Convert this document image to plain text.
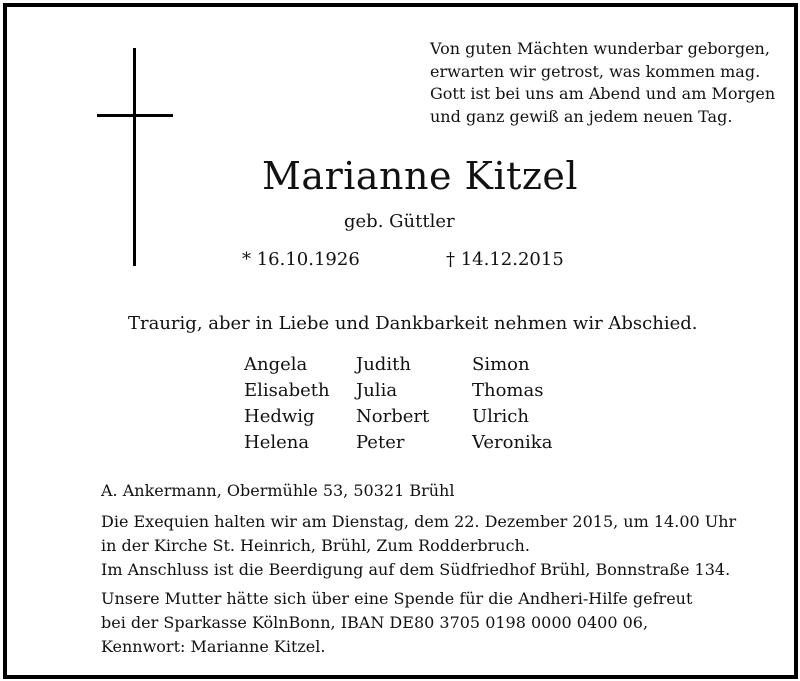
Von guten Mächten wunderbar geborgen,
erwarten wir getrost, was kommen mag.
Gott ist bei uns am Abend und am Morgen
und ganz gewiß an jedem neuen Tag.
Marianne Kitzel
geb. Güttler
* 16.10.1926	† 14.12.2015
Traurig, aber in Liebe und Dankbarkeit nehmen wir Abschied.
Angela
Elisabeth
Hedwig
Helena
Judith
Julia
Norbert
Peter
Simon
Thomas
Ulrich
Veronika
A. Ankermann, Obermühle 53, 50321 Brühl
Die Exequien halten wir am Dienstag, dem 22. Dezember 2015, um 14.00 Uhr
in der Kirche St. Heinrich, Brühl, Zum Rodderbruch.
Im Anschluss ist die Beerdigung auf dem Südfriedhof Brühl, Bonnstraße 134.
Unsere Mutter hätte sich über eine Spende für die Andheri-Hilfe gefreut
bei der Sparkasse KölnBonn, IBAN DE80 3705 0198 0000 0400 06,
Kennwort: Marianne Kitzel.
